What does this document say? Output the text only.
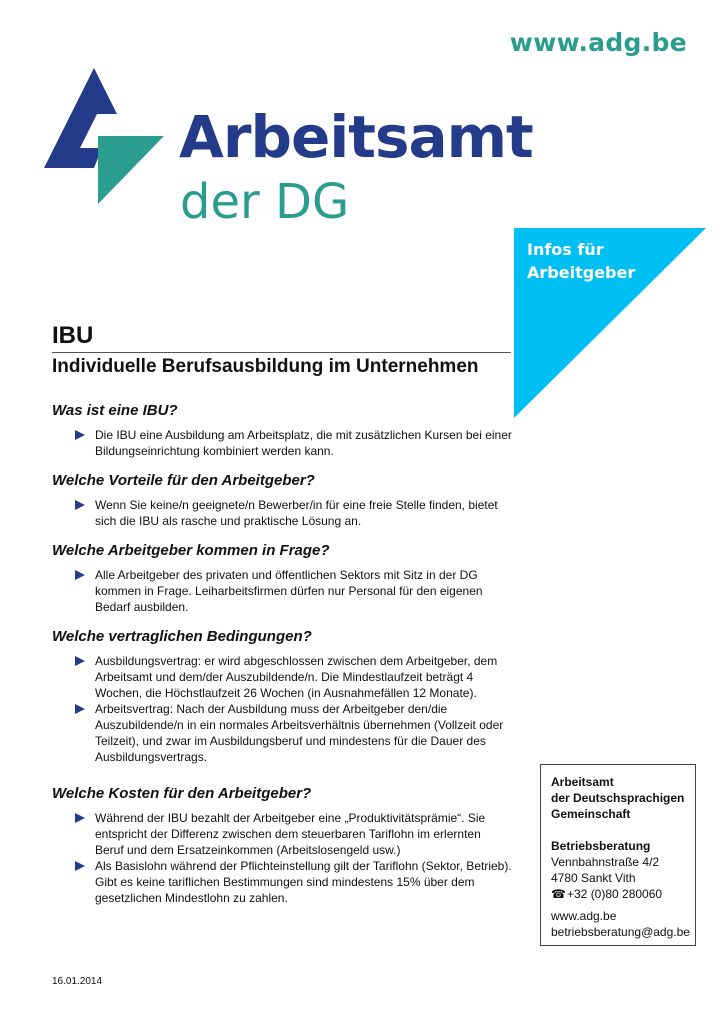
www.adg.be
Arbeitsamt
der DG
Infos für
Arbeitgeber
IBU
Individuelle Berufsausbildung im Unternehmen
Was ist eine IBU?
Die IBU eine Ausbildung am Arbeitsplatz, die mit zusätzlichen Kursen bei einer Bildungseinrichtung kombiniert werden kann.
Welche Vorteile für den Arbeitgeber?
Wenn Sie keine/n geeignete/n Bewerber/in für eine freie Stelle finden, bietet sich die IBU als rasche und praktische Lösung an.
Welche Arbeitgeber kommen in Frage?
Alle Arbeitgeber des privaten und öffentlichen Sektors mit Sitz in der DG kommen in Frage. Leiharbeitsfirmen dürfen nur Personal für den eigenen Bedarf ausbilden.
Welche vertraglichen Bedingungen?
Ausbildungsvertrag: er wird abgeschlossen zwischen dem Arbeitgeber, dem Arbeitsamt und dem/der Auszubildende/n. Die Mindestlaufzeit beträgt 4 Wochen, die Höchstlaufzeit 26 Wochen (in Ausnahmefällen 12 Monate).
Arbeitsvertrag: Nach der Ausbildung muss der Arbeitgeber den/die Auszubildende/n in ein normales Arbeitsverhältnis übernehmen (Vollzeit oder Teilzeit), und zwar im Ausbildungsberuf und mindestens für die Dauer des Ausbildungsvertrags.
Welche Kosten für den Arbeitgeber?
Während der IBU bezahlt der Arbeitgeber eine „Produktivitätsprämie“. Sie entspricht der Differenz zwischen dem steuerbaren Tariflohn im erlernten Beruf und dem Ersatzeinkommen (Arbeitslosengeld usw.)
Als Basislohn während der Pflichteinstellung gilt der Tariflohn (Sektor, Betrieb). Gibt es keine tariflichen Bestimmungen sind mindestens 15% über dem gesetzlichen Mindestlohn zu zahlen.
Arbeitsamt
der Deutschsprachigen
Gemeinschaft
Betriebsberatung
Vennbahnstraße 4/2
4780 Sankt Vith
☎+32 (0)80 280060
www.adg.be
betriebsberatung@adg.be
16.01.2014
